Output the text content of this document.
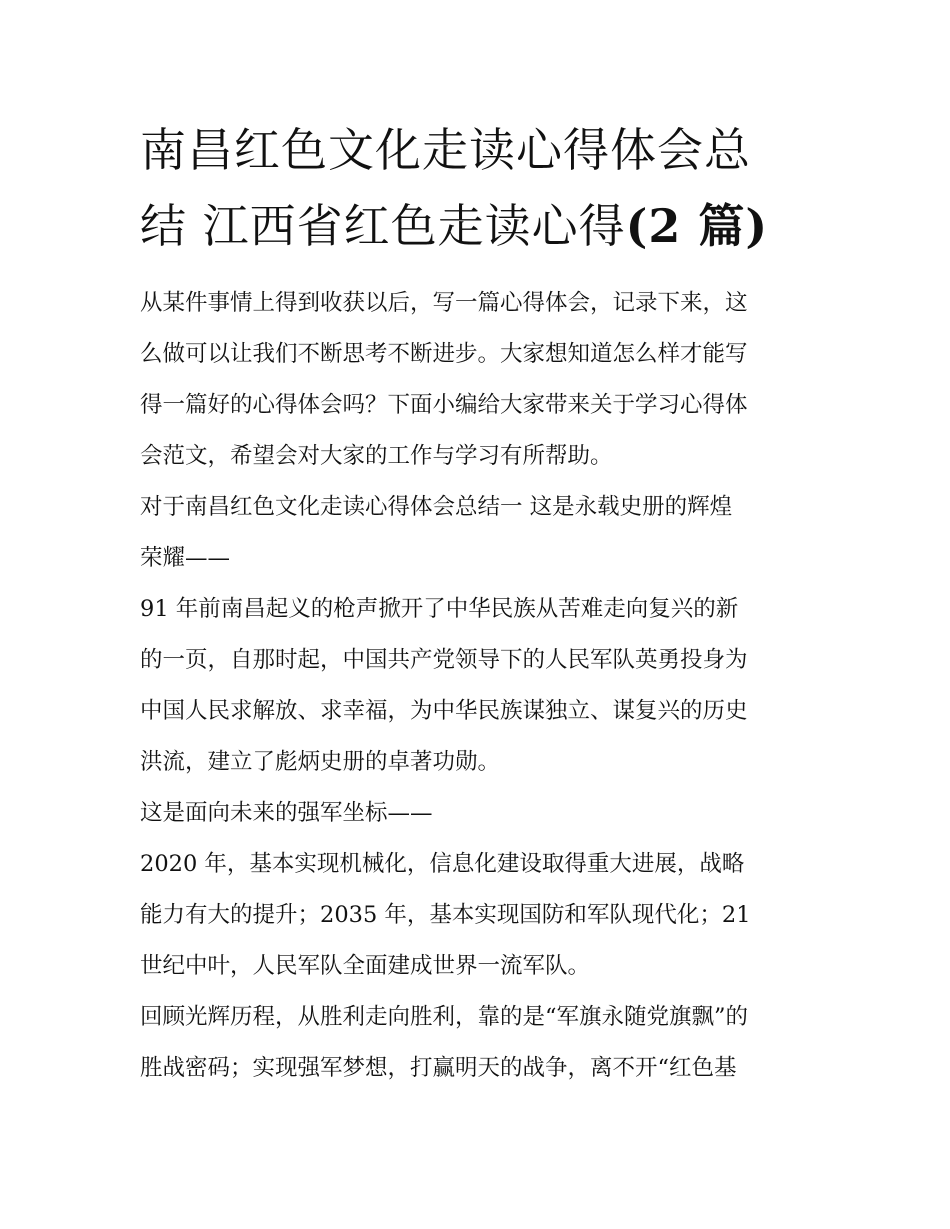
南昌红色文化走读心得体会总
结 江西省红色走读心得(2 篇)

从某件事情上得到收获以后，写一篇心得体会，记录下来，这
么做可以让我们不断思考不断进步。大家想知道怎么样才能写
得一篇好的心得体会吗？下面小编给大家带来关于学习心得体
会范文，希望会对大家的工作与学习有所帮助。

对于南昌红色文化走读心得体会总结一 这是永载史册的辉煌
荣耀——

91 年前南昌起义的枪声掀开了中华民族从苦难走向复兴的新
的一页，自那时起，中国共产党领导下的人民军队英勇投身为
中国人民求解放、求幸福，为中华民族谋独立、谋复兴的历史
洪流，建立了彪炳史册的卓著功勋。

这是面向未来的强军坐标——

2020 年，基本实现机械化，信息化建设取得重大进展，战略
能力有大的提升；2035 年，基本实现国防和军队现代化；21
世纪中叶，人民军队全面建成世界一流军队。

回顾光辉历程，从胜利走向胜利，靠的是“军旗永随党旗飘”的
胜战密码；实现强军梦想，打赢明天的战争，离不开“红色基
